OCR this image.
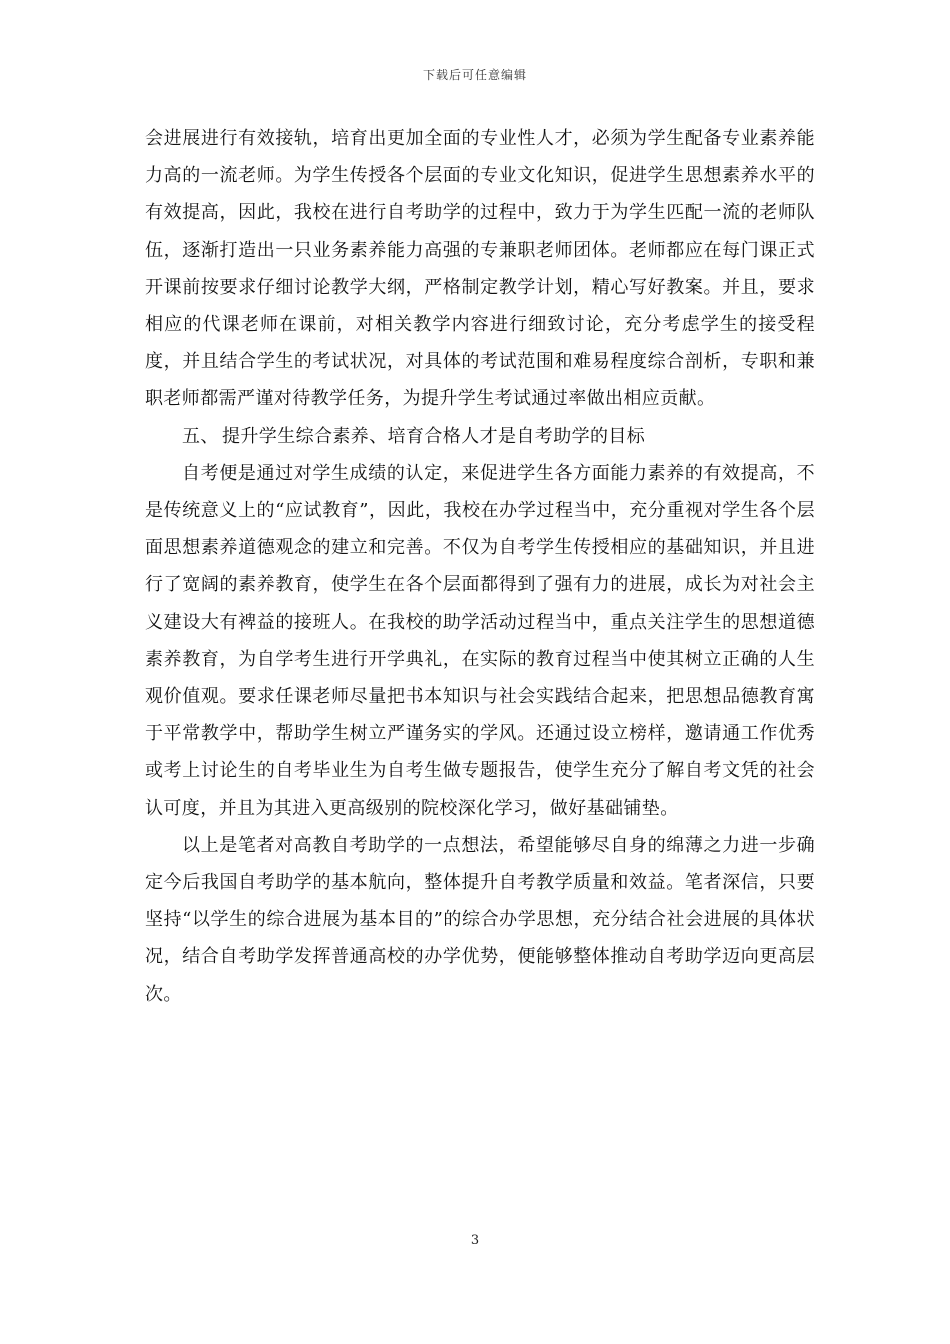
下载后可任意编辑

会进展进行有效接轨，培育出更加全面的专业性人才，必须为学生配备专业素养能力高的一流老师。为学生传授各个层面的专业文化知识，促进学生思想素养水平的有效提高，因此，我校在进行自考助学的过程中，致力于为学生匹配一流的老师队伍，逐渐打造出一只业务素养能力高强的专兼职老师团体。老师都应在每门课正式开课前按要求仔细讨论教学大纲，严格制定教学计划，精心写好教案。并且，要求相应的代课老师在课前，对相关教学内容进行细致讨论，充分考虑学生的接受程度，并且结合学生的考试状况，对具体的考试范围和难易程度综合剖析，专职和兼职老师都需严谨对待教学任务，为提升学生考试通过率做出相应贡献。

五、 提升学生综合素养、培育合格人才是自考助学的目标

自考便是通过对学生成绩的认定，来促进学生各方面能力素养的有效提高，不是传统意义上的“应试教育”，因此，我校在办学过程当中，充分重视对学生各个层面思想素养道德观念的建立和完善。不仅为自考学生传授相应的基础知识，并且进行了宽阔的素养教育，使学生在各个层面都得到了强有力的进展，成长为对社会主义建设大有裨益的接班人。在我校的助学活动过程当中，重点关注学生的思想道德素养教育，为自学考生进行开学典礼，在实际的教育过程当中使其树立正确的人生观价值观。要求任课老师尽量把书本知识与社会实践结合起来，把思想品德教育寓于平常教学中，帮助学生树立严谨务实的学风。还通过设立榜样，邀请通工作优秀或考上讨论生的自考毕业生为自考生做专题报告，使学生充分了解自考文凭的社会认可度，并且为其进入更高级别的院校深化学习，做好基础铺垫。

以上是笔者对高教自考助学的一点想法，希望能够尽自身的绵薄之力进一步确定今后我国自考助学的基本航向，整体提升自考教学质量和效益。笔者深信，只要坚持“以学生的综合进展为基本目的”的综合办学思想，充分结合社会进展的具体状况，结合自考助学发挥普通高校的办学优势，便能够整体推动自考助学迈向更高层次。

3
